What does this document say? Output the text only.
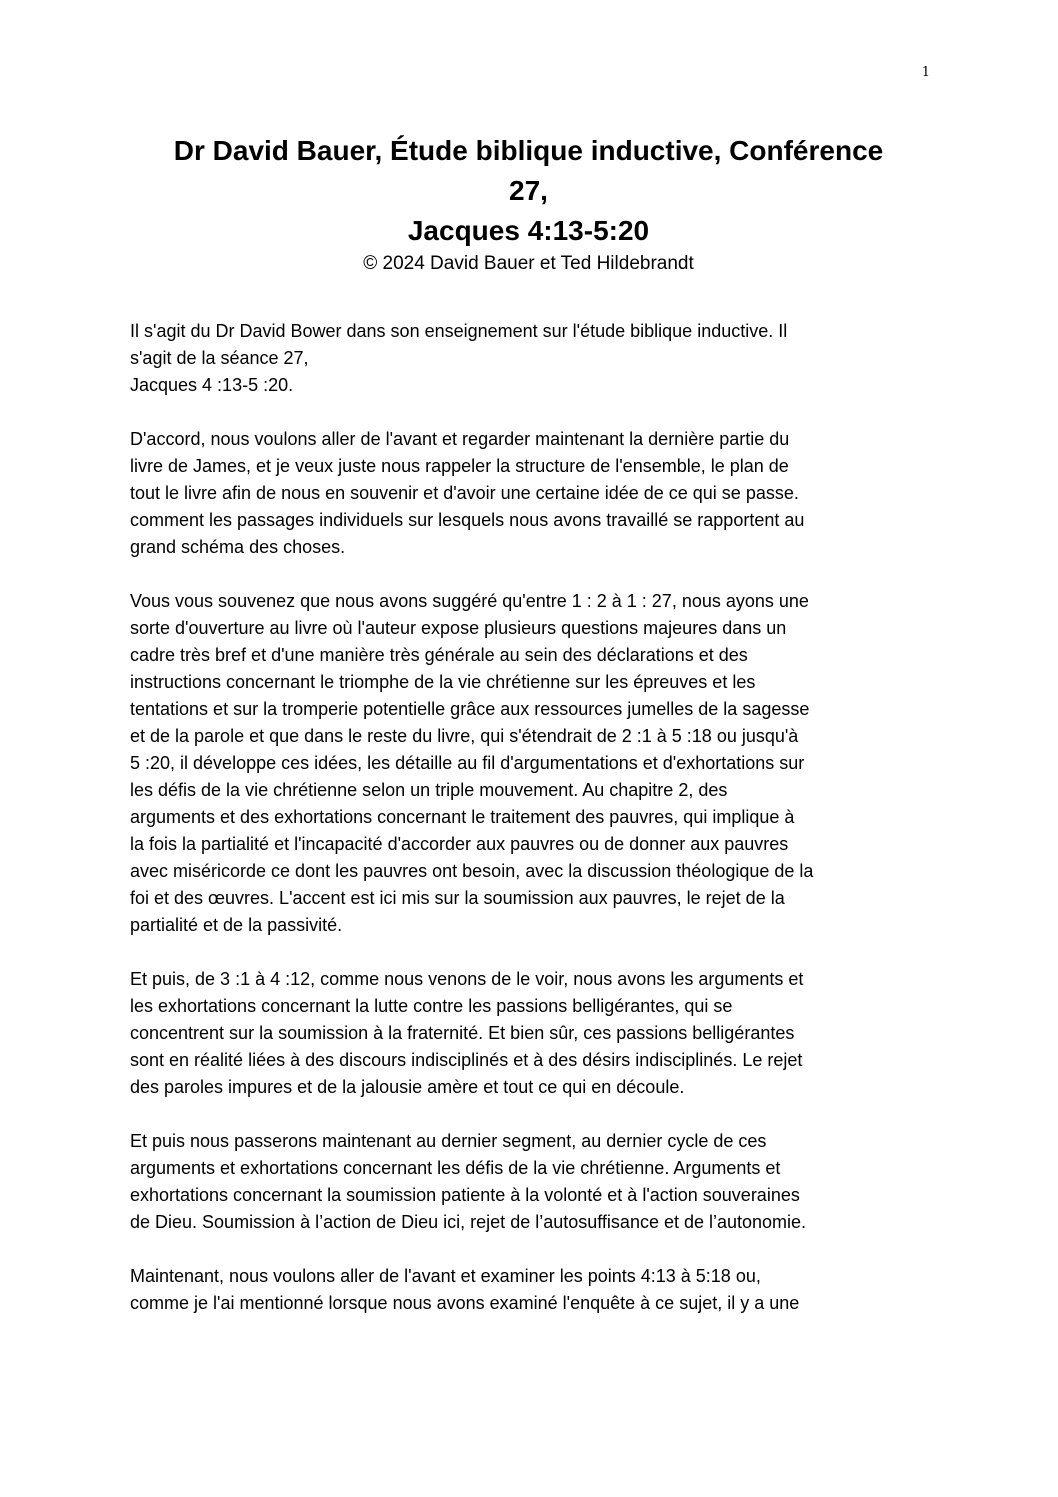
1
Dr David Bauer, Étude biblique inductive, Conférence
27,
Jacques 4:13-5:20
© 2024 David Bauer et Ted Hildebrandt

Il s'agit du Dr David Bower dans son enseignement sur l'étude biblique inductive. Il
s'agit de la séance 27,
Jacques 4 :13-5 :20.

D'accord, nous voulons aller de l'avant et regarder maintenant la dernière partie du
livre de James, et je veux juste nous rappeler la structure de l'ensemble, le plan de
tout le livre afin de nous en souvenir et d'avoir une certaine idée de ce qui se passe.
comment les passages individuels sur lesquels nous avons travaillé se rapportent au
grand schéma des choses.

Vous vous souvenez que nous avons suggéré qu'entre 1 : 2 à 1 : 27, nous ayons une
sorte d'ouverture au livre où l'auteur expose plusieurs questions majeures dans un
cadre très bref et d'une manière très générale au sein des déclarations et des
instructions concernant le triomphe de la vie chrétienne sur les épreuves et les
tentations et sur la tromperie potentielle grâce aux ressources jumelles de la sagesse
et de la parole et que dans le reste du livre, qui s'étendrait de 2 :1 à 5 :18 ou jusqu'à
5 :20, il développe ces idées, les détaille au fil d'argumentations et d'exhortations sur
les défis de la vie chrétienne selon un triple mouvement. Au chapitre 2, des
arguments et des exhortations concernant le traitement des pauvres, qui implique à
la fois la partialité et l'incapacité d'accorder aux pauvres ou de donner aux pauvres
avec miséricorde ce dont les pauvres ont besoin, avec la discussion théologique de la
foi et des œuvres. L'accent est ici mis sur la soumission aux pauvres, le rejet de la
partialité et de la passivité.

Et puis, de 3 :1 à 4 :12, comme nous venons de le voir, nous avons les arguments et
les exhortations concernant la lutte contre les passions belligérantes, qui se
concentrent sur la soumission à la fraternité. Et bien sûr, ces passions belligérantes
sont en réalité liées à des discours indisciplinés et à des désirs indisciplinés. Le rejet
des paroles impures et de la jalousie amère et tout ce qui en découle.

Et puis nous passerons maintenant au dernier segment, au dernier cycle de ces
arguments et exhortations concernant les défis de la vie chrétienne. Arguments et
exhortations concernant la soumission patiente à la volonté et à l'action souveraines
de Dieu. Soumission à l’action de Dieu ici, rejet de l’autosuffisance et de l’autonomie.

Maintenant, nous voulons aller de l'avant et examiner les points 4:13 à 5:18 ou,
comme je l'ai mentionné lorsque nous avons examiné l'enquête à ce sujet, il y a une
